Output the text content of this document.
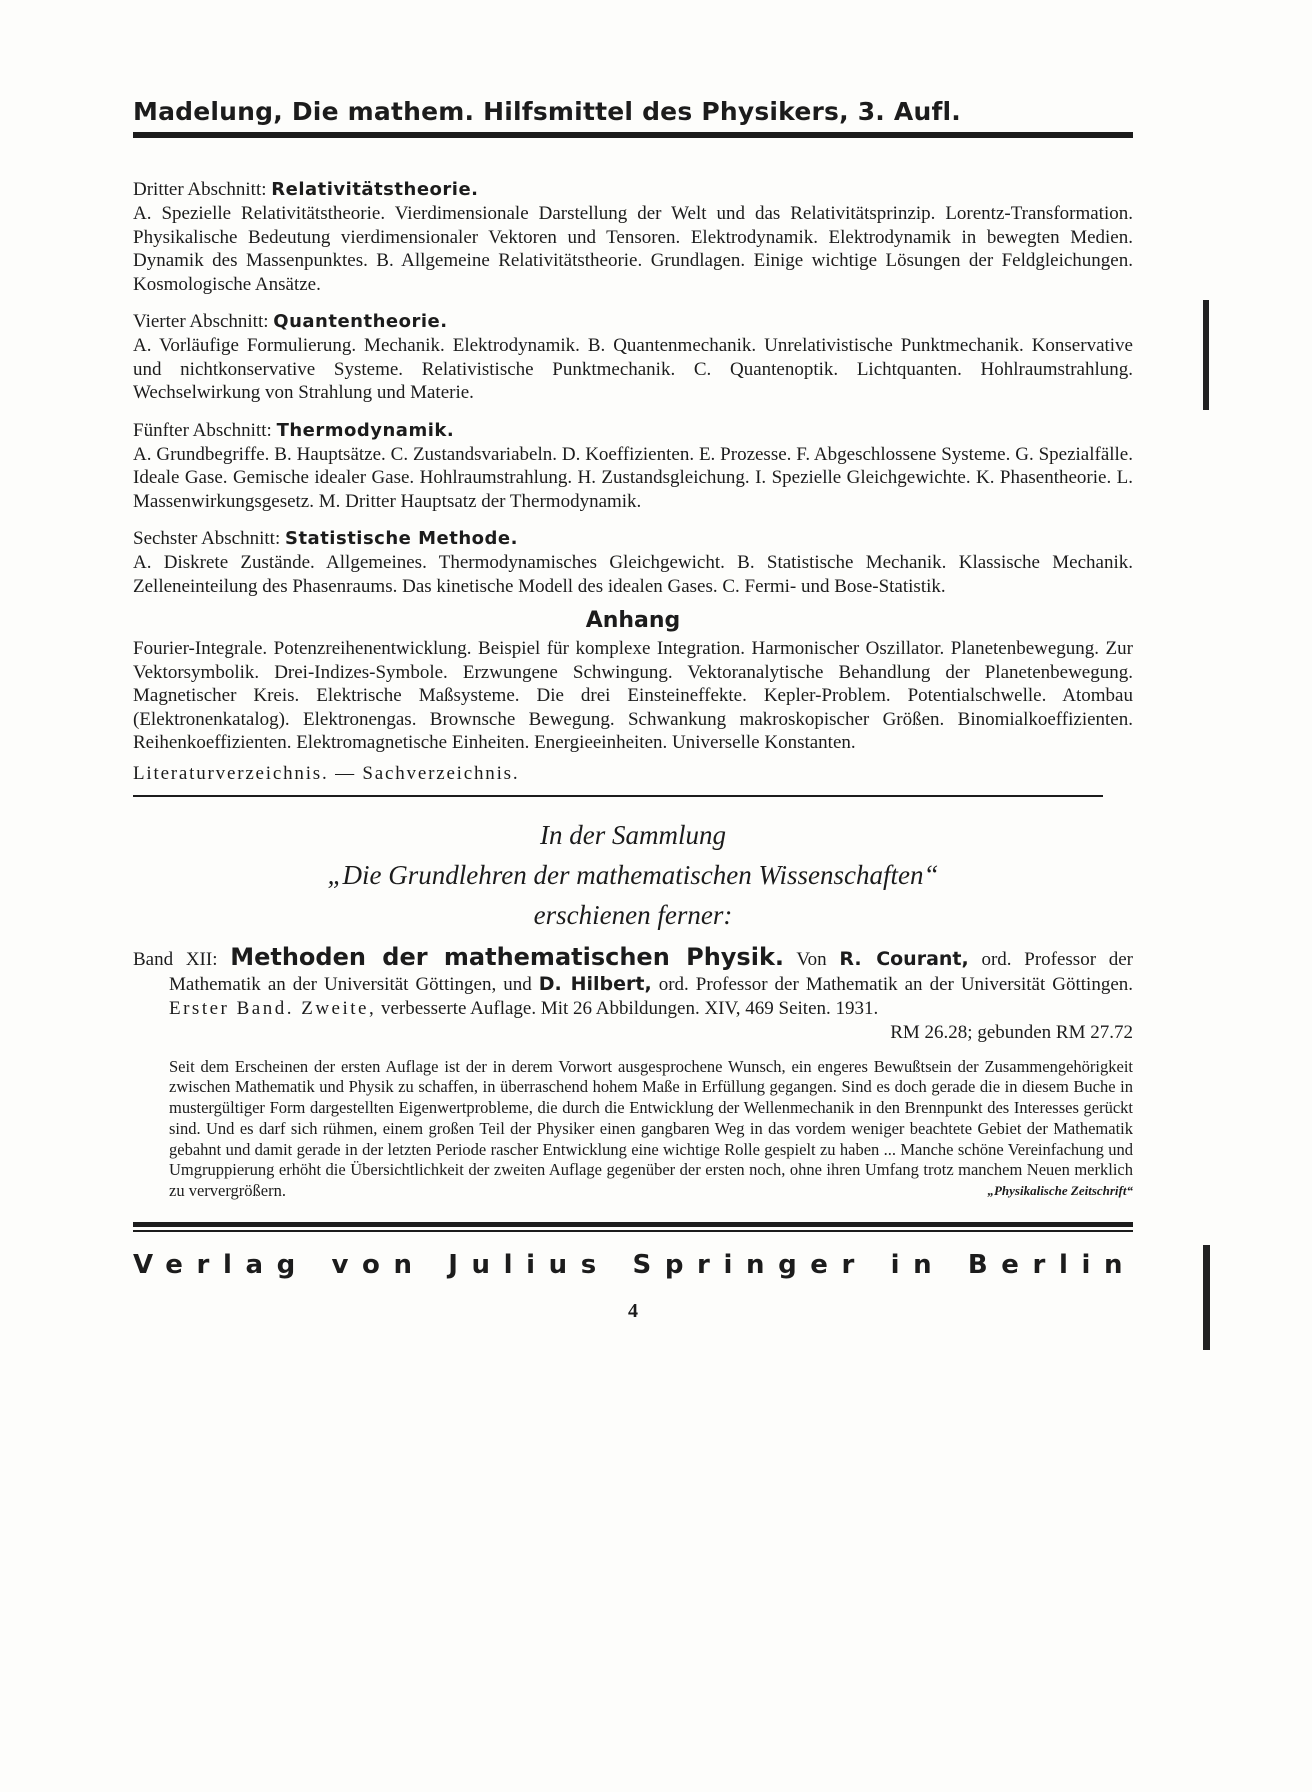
Madelung, Die mathem. Hilfsmittel des Physikers, 3. Aufl.
Dritter Abschnitt: Relativitätstheorie.

A. Spezielle Relativitätstheorie. Vierdimensionale Darstellung der Welt und das Relativitätsprinzip. Lorentz-Transformation. Physikalische Bedeutung vierdimensionaler Vektoren und Tensoren. Elektrodynamik. Elektrodynamik in bewegten Medien. Dynamik des Massenpunktes. B. Allgemeine Relativitätstheorie. Grundlagen. Einige wichtige Lösungen der Feldgleichungen. Kosmologische Ansätze.

Vierter Abschnitt: Quantentheorie.

A. Vorläufige Formulierung. Mechanik. Elektrodynamik. B. Quantenmechanik. Unrelativistische Punktmechanik. Konservative und nichtkonservative Systeme. Relativistische Punktmechanik. C. Quantenoptik. Lichtquanten. Hohlraumstrahlung. Wechselwirkung von Strahlung und Materie.

Fünfter Abschnitt: Thermodynamik.

A. Grundbegriffe. B. Hauptsätze. C. Zustandsvariabeln. D. Koeffizienten. E. Prozesse. F. Abgeschlossene Systeme. G. Spezialfälle. Ideale Gase. Gemische idealer Gase. Hohlraumstrahlung. H. Zustandsgleichung. I. Spezielle Gleichgewichte. K. Phasentheorie. L. Massenwirkungsgesetz. M. Dritter Hauptsatz der Thermodynamik.

Sechster Abschnitt: Statistische Methode.

A. Diskrete Zustände. Allgemeines. Thermodynamisches Gleichgewicht. B. Statistische Mechanik. Klassische Mechanik. Zelleneinteilung des Phasenraums. Das kinetische Modell des idealen Gases. C. Fermi- und Bose-Statistik.

Anhang

Fourier-Integrale. Potenzreihenentwicklung. Beispiel für komplexe Integration. Harmonischer Oszillator. Planetenbewegung. Zur Vektorsymbolik. Drei-Indizes-Symbole. Erzwungene Schwingung. Vektoranalytische Behandlung der Planetenbewegung. Magnetischer Kreis. Elektrische Maßsysteme. Die drei Einsteineffekte. Kepler-Problem. Potentialschwelle. Atombau (Elektronenkatalog). Elektronengas. Brownsche Bewegung. Schwankung makroskopischer Größen. Binomialkoeffizienten. Reihenkoeffizienten. Elektromagnetische Einheiten. Energieeinheiten. Universelle Konstanten.

Literaturverzeichnis. — Sachverzeichnis.
In der Sammlung
„Die Grundlehren der mathematischen Wissenschaften“
erschienen ferner:
Band XII: Methoden der mathematischen Physik. Von R. Courant, ord. Professor der Mathematik an der Universität Göttingen, und D. Hilbert, ord. Professor der Mathematik an der Universität Göttingen. Erster Band. Zweite, verbesserte Auflage. Mit 26 Abbildungen. XIV, 469 Seiten. 1931.
RM 26.28; gebunden RM 27.72
Seit dem Erscheinen der ersten Auflage ist der in derem Vorwort ausgesprochene Wunsch, ein engeres Bewußtsein der Zusammengehörigkeit zwischen Mathematik und Physik zu schaffen, in überraschend hohem Maße in Erfüllung gegangen. Sind es doch gerade die in diesem Buche in mustergültiger Form dargestellten Eigenwertprobleme, die durch die Entwicklung der Wellenmechanik in den Brennpunkt des Interesses gerückt sind. Und es darf sich rühmen, einem großen Teil der Physiker einen gangbaren Weg in das vordem weniger beachtete Gebiet der Mathematik gebahnt und damit gerade in der letzten Periode rascher Entwicklung eine wichtige Rolle gespielt zu haben ... Manche schöne Vereinfachung und Umgruppierung erhöht die Übersichtlichkeit der zweiten Auflage gegenüber der ersten noch, ohne ihren Umfang trotz manchem Neuen merklich zu ververgrößern.	„Physikalische Zeitschrift“
Verlag von Julius Springer in Berlin
4
